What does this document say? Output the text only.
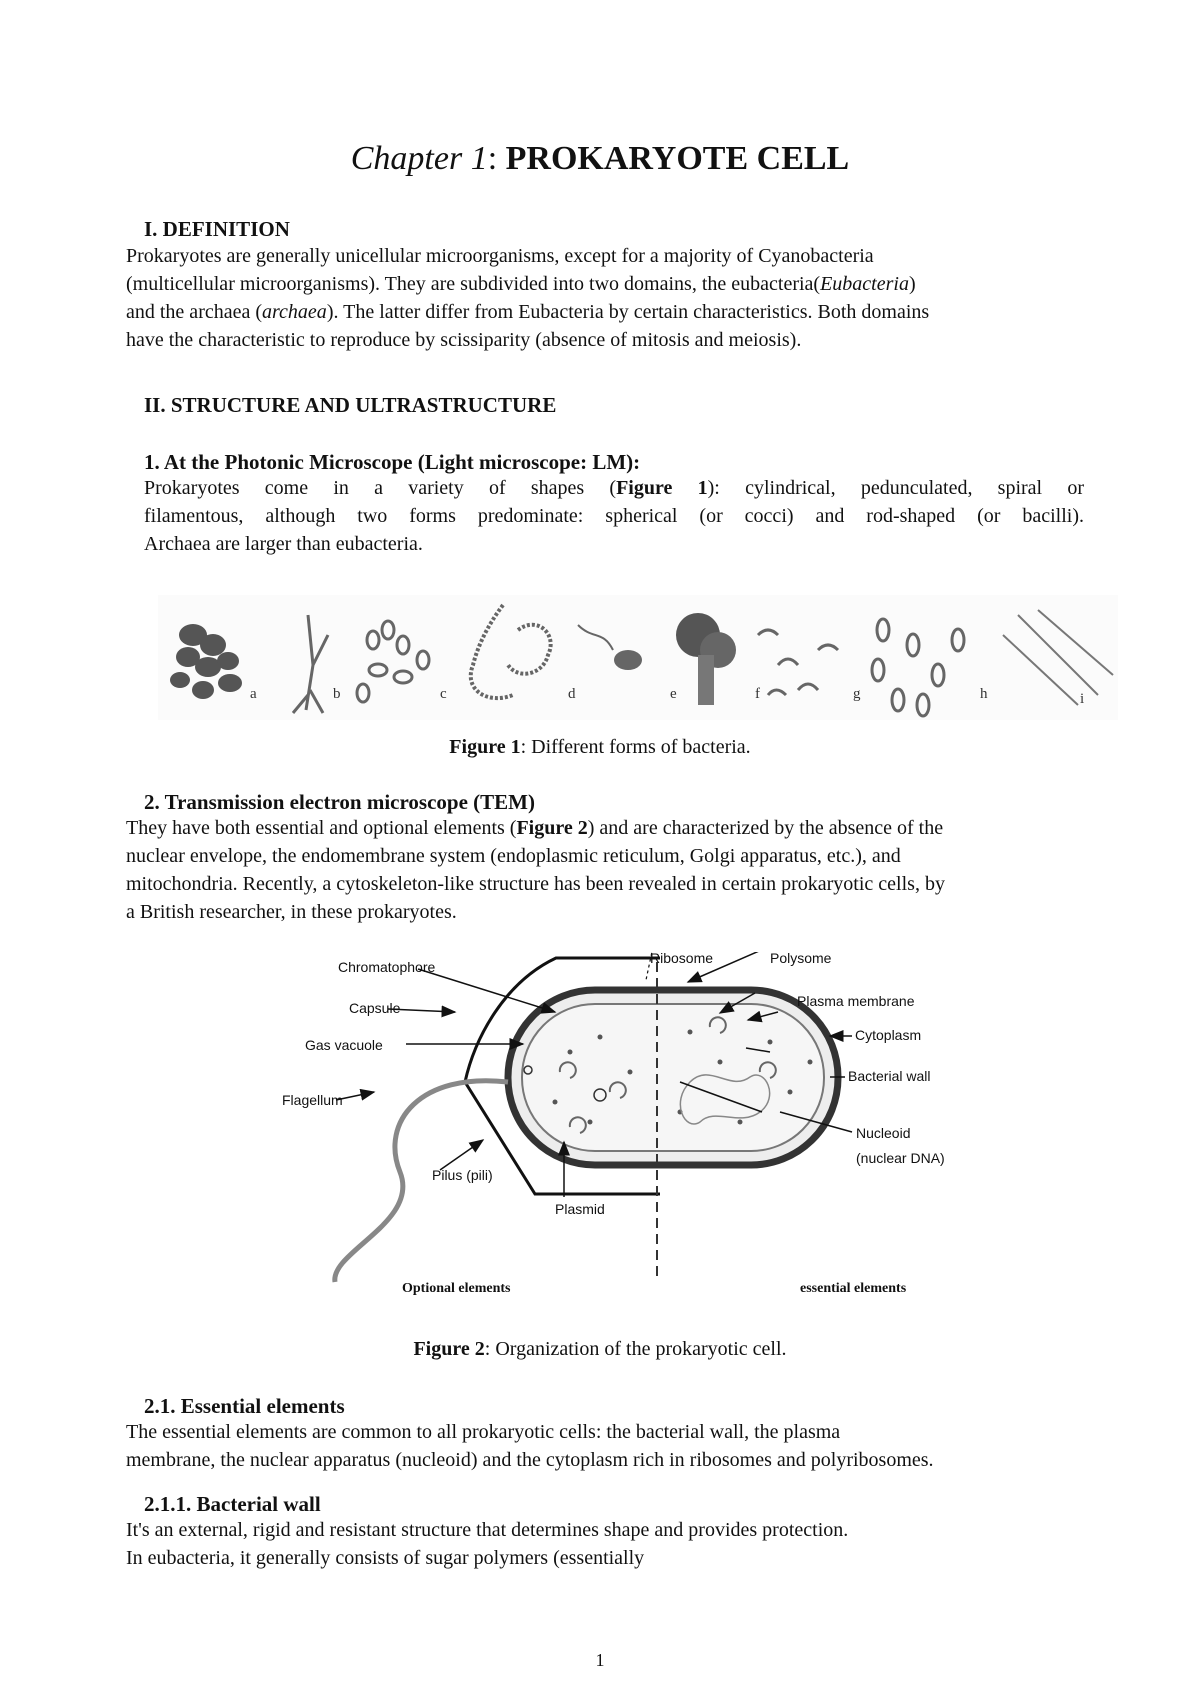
Chapter 1: PROKARYOTE CELL
I. DEFINITION
Prokaryotes are generally unicellular microorganisms, except for a majority of Cyanobacteria
(multicellular microorganisms). They are subdivided into two domains, the eubacteria(Eubacteria)
and the archaea (archaea). The latter differ from Eubacteria by certain characteristics. Both domains
have the characteristic to reproduce by scissiparity (absence of mitosis and meiosis).
II. STRUCTURE AND ULTRASTRUCTURE
1. At the Photonic Microscope (Light microscope: LM):
Prokaryotes come in a variety of shapes (Figure 1): cylindrical, pedunculated, spiral or
filamentous, although two forms predominate: spherical (or cocci) and rod-shaped (or bacilli).
Archaea are larger than eubacteria.
a	b	c	d	e	f	g	h	i
Figure 1: Different forms of bacteria.
2. Transmission electron microscope (TEM)
They have both essential and optional elements (Figure 2) and are characterized by the absence of the
nuclear envelope, the endomembrane system (endoplasmic reticulum, Golgi apparatus, etc.), and
mitochondria. Recently, a cytoskeleton-like structure has been revealed in certain prokaryotic cells, by
a British researcher, in these prokaryotes.
Chromatophore
Capsule
Gas vacuole
Flagellum
Pilus (pili)
Plasmid
Ribosome	Polysome
Plasma membrane
Cytoplasm
Bacterial wall
Nucleoid
(nuclear DNA)
Optional elements	essential elements
Figure 2: Organization of the prokaryotic cell.
2.1. Essential elements
The essential elements are common to all prokaryotic cells: the bacterial wall, the plasma
membrane, the nuclear apparatus (nucleoid) and the cytoplasm rich in ribosomes and polyribosomes.
2.1.1. Bacterial wall
It's an external, rigid and resistant structure that determines shape and provides protection.
In eubacteria, it generally consists of sugar polymers (essentially
1
